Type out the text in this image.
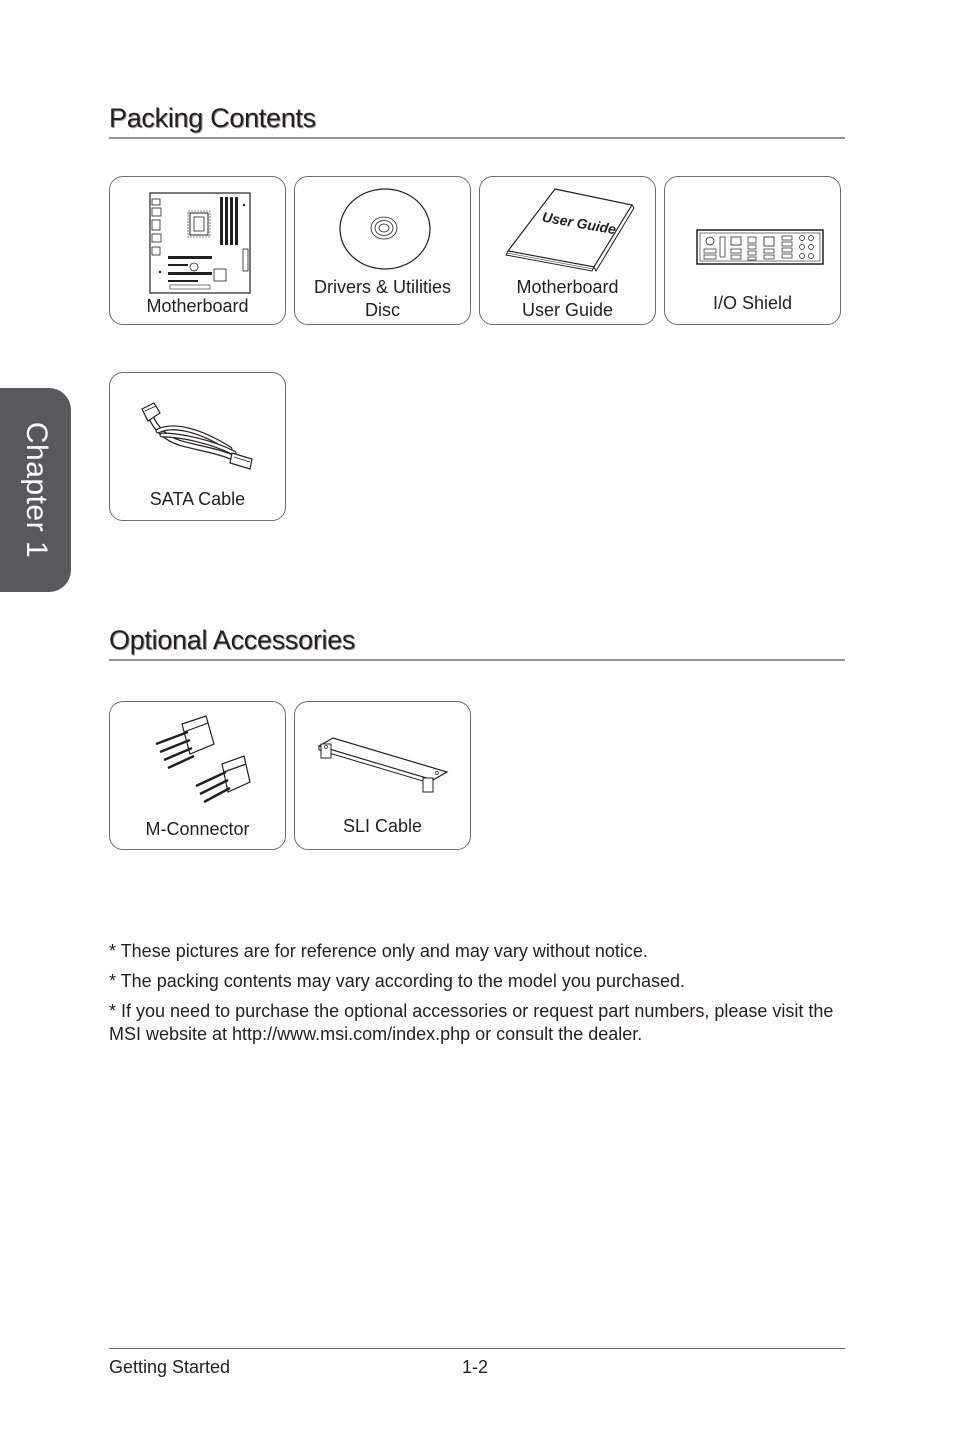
Chapter 1
Packing Contents
Motherboard
Drivers & Utilities
Disc
User Guide
Motherboard
User Guide	I/O Shield
SATA Cable
Optional Accessories
M-Connector	SLI Cable

* These pictures are for reference only and may vary without notice.

* The packing contents may vary according to the model you purchased.

* If you need to purchase the optional accessories or request part numbers, please visit the MSI website at http://www.msi.com/index.php or consult the dealer.

Getting Started	1-2
